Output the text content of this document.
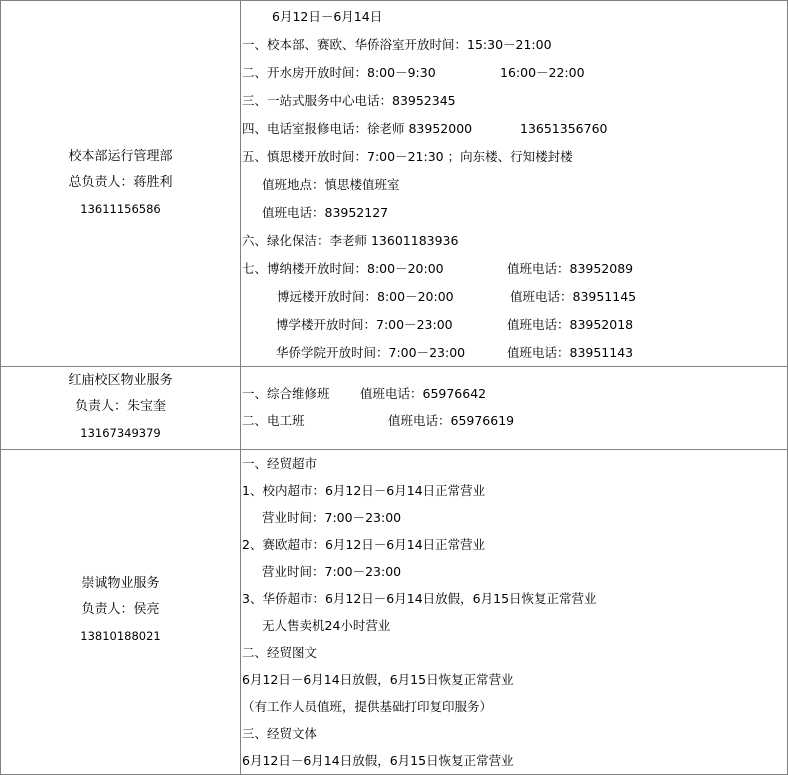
校本部运行管理部
总负责人：蒋胜利
13611156586
6月12日－6月14日
一、校本部、赛欧、华侨浴室开放时间：15:30－21:00
二、开水房开放时间：8:00－9:30	16:00－22:00
三、一站式服务中心电话：83952345
四、电话室报修电话：徐老师 83952000	13651356760
五、慎思楼开放时间：7:00－21:30 ；向东楼、行知楼封楼
值班地点：慎思楼值班室
值班电话：83952127
六、绿化保洁：李老师 13601183936
七、博纳楼开放时间：8:00－20:00	值班电话：83952089
博远楼开放时间：8:00－20:00	值班电话：83951145
博学楼开放时间：7:00－23:00	值班电话：83952018
华侨学院开放时间：7:00－23:00	值班电话：83951143
红庙校区物业服务
负责人：朱宝奎
13167349379
一、综合维修班 值班电话：65976642
二、电工班	值班电话：65976619
崇诚物业服务
负责人：侯亮
13810188021
一、经贸超市
1、校内超市：6月12日－6月14日正常营业
营业时间：7:00－23:00
2、赛欧超市：6月12日－6月14日正常营业
营业时间：7:00－23:00
3、华侨超市：6月12日－6月14日放假，6月15日恢复正常营业
无人售卖机24小时营业
二、经贸图文
6月12日－6月14日放假，6月15日恢复正常营业
（有工作人员值班，提供基础打印复印服务）
三、经贸文体
6月12日－6月14日放假，6月15日恢复正常营业
